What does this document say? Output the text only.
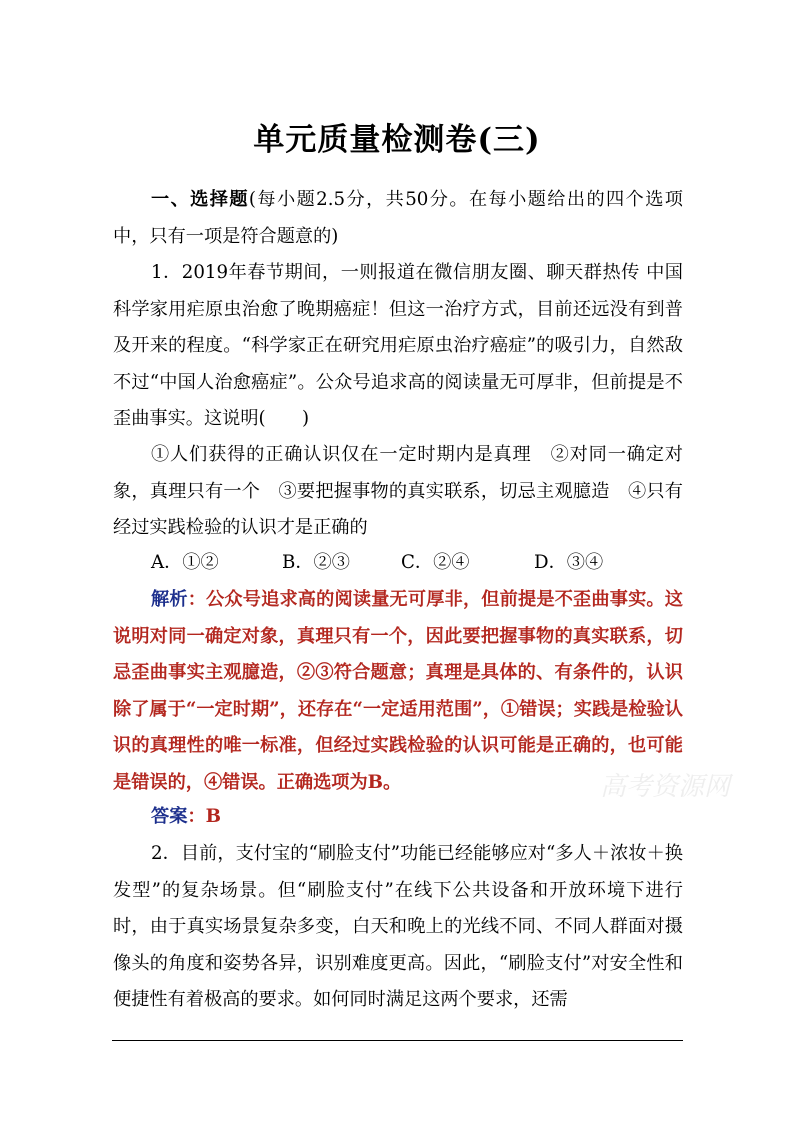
单元质量检测卷(三)
一、选择题(每小题2.5分，共50分。在每小题给出的四个选项中，只有一项是符合题意的)
1．2019年春节期间，一则报道在微信朋友圈、聊天群热传 中国科学家用疟原虫治愈了晚期癌症！但这一治疗方式，目前还远没有到普及开来的程度。“科学家正在研究用疟原虫治疗癌症”的吸引力，自然敌不过“中国人治愈癌症”。公众号追求高的阅读量无可厚非，但前提是不歪曲事实。这说明(　　)
①人们获得的正确认识仅在一定时期内是真理　②对同一确定对象，真理只有一个　③要把握事物的真实联系，切忌主观臆造　④只有经过实践检验的认识才是正确的
A．①②	B．②③	C．②④	D．③④
解析：公众号追求高的阅读量无可厚非，但前提是不歪曲事实。这说明对同一确定对象，真理只有一个，因此要把握事物的真实联系，切忌歪曲事实主观臆造，②③符合题意；真理是具体的、有条件的，认识除了属于“一定时期”，还存在“一定适用范围”，①错误；实践是检验认识的真理性的唯一标准，但经过实践检验的认识可能是正确的，也可能是错误的，④错误。正确选项为B。
答案：B
2．目前，支付宝的“刷脸支付”功能已经能够应对“多人＋浓妆＋换发型”的复杂场景。但“刷脸支付”在线下公共设备和开放环境下进行时，由于真实场景复杂多变，白天和晚上的光线不同、不同人群面对摄像头的角度和姿势各异，识别难度更高。因此，“刷脸支付”对安全性和便捷性有着极高的要求。如何同时满足这两个要求，还需
高考资源网
